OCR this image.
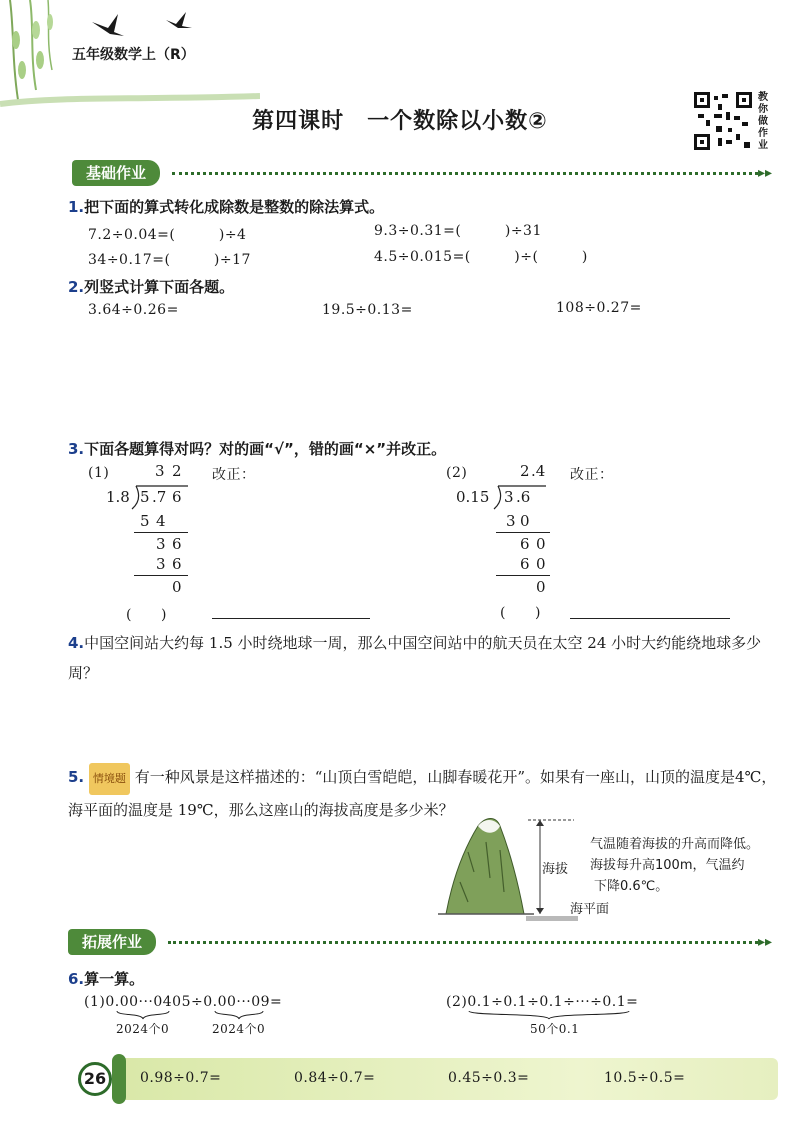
五年级数学上（R）
第四课时　一个数除以小数②
教你做作业
基础作业	▸▸
1.把下面的算式转化成除数是整数的除法算式。
7.2÷0.04=(　　　)÷4	9.3÷0.31=(　　　)÷31
34÷0.17=(　　　)÷17	4.5÷0.015=(　　　)÷(　　　)
2.列竖式计算下面各题。
3.64÷0.26=	19.5÷0.13=	108÷0.27=
3.下面各题算得对吗？对的画“√”，错的画“×”并改正。
(1)	3 2 改正：
1.8 5 .7 6
5 4
3 6
3 6
0
(　　)
(2)	2 .4 改正：
0.15 3 .6
3 0
6 0
6 0
0
(　　)
4.中国空间站大约每 1.5 小时绕地球一周，那么中国空间站中的航天员在太空 24 小时大约能绕地球多少周？
5. 情境题 有一种风景是这样描述的：“山顶白雪皑皑，山脚春暖花开”。如果有一座山，山顶的温度是4℃，海平面的温度是 19℃，那么这座山的海拔高度是多少米？
海拔
海平面
气温随着海拔的升高而降低。
海拔每升高100m，气温约
下降0.6℃。
拓展作业	▸▸
6.算一算。
(1)0.00···0405÷0.00···09=
2024个0	2024个0
(2)0.1÷0.1÷0.1÷···÷0.1=
50个0.1
26	0.98÷0.7=	0.84÷0.7=	0.45÷0.3=	10.5÷0.5=
